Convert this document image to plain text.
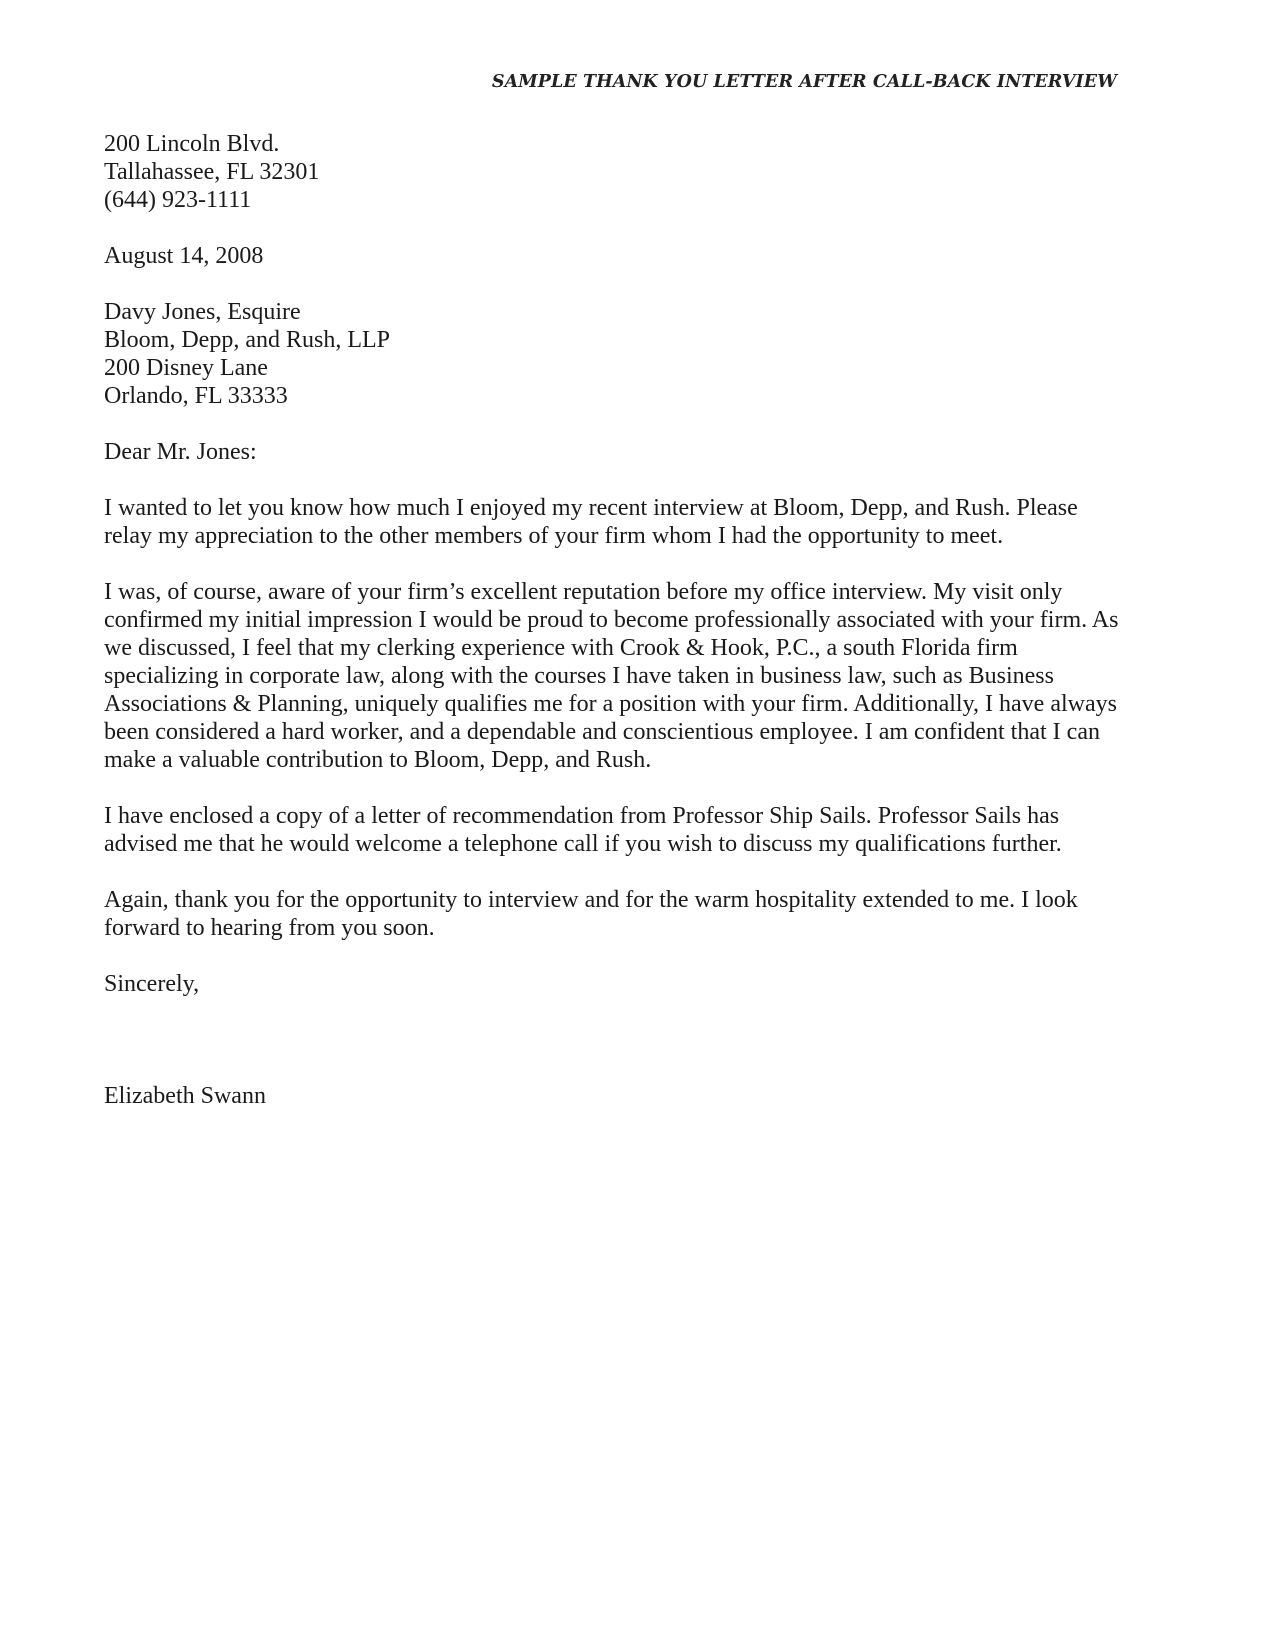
SAMPLE THANK YOU LETTER AFTER CALL-BACK INTERVIEW
200 Lincoln Blvd.
Tallahassee, FL 32301
(644) 923-1111
August 14, 2008
Davy Jones, Esquire
Bloom, Depp, and Rush, LLP
200 Disney Lane
Orlando, FL 33333
Dear Mr. Jones:
I wanted to let you know how much I enjoyed my recent interview at Bloom, Depp, and Rush. Please
relay my appreciation to the other members of your firm whom I had the opportunity to meet.
I was, of course, aware of your firm’s excellent reputation before my office interview. My visit only
confirmed my initial impression I would be proud to become professionally associated with your firm. As
we discussed, I feel that my clerking experience with Crook & Hook, P.C., a south Florida firm
specializing in corporate law, along with the courses I have taken in business law, such as Business
Associations & Planning, uniquely qualifies me for a position with your firm. Additionally, I have always
been considered a hard worker, and a dependable and conscientious employee. I am confident that I can
make a valuable contribution to Bloom, Depp, and Rush.
I have enclosed a copy of a letter of recommendation from Professor Ship Sails. Professor Sails has
advised me that he would welcome a telephone call if you wish to discuss my qualifications further.
Again, thank you for the opportunity to interview and for the warm hospitality extended to me. I look
forward to hearing from you soon.
Sincerely,
Elizabeth Swann
